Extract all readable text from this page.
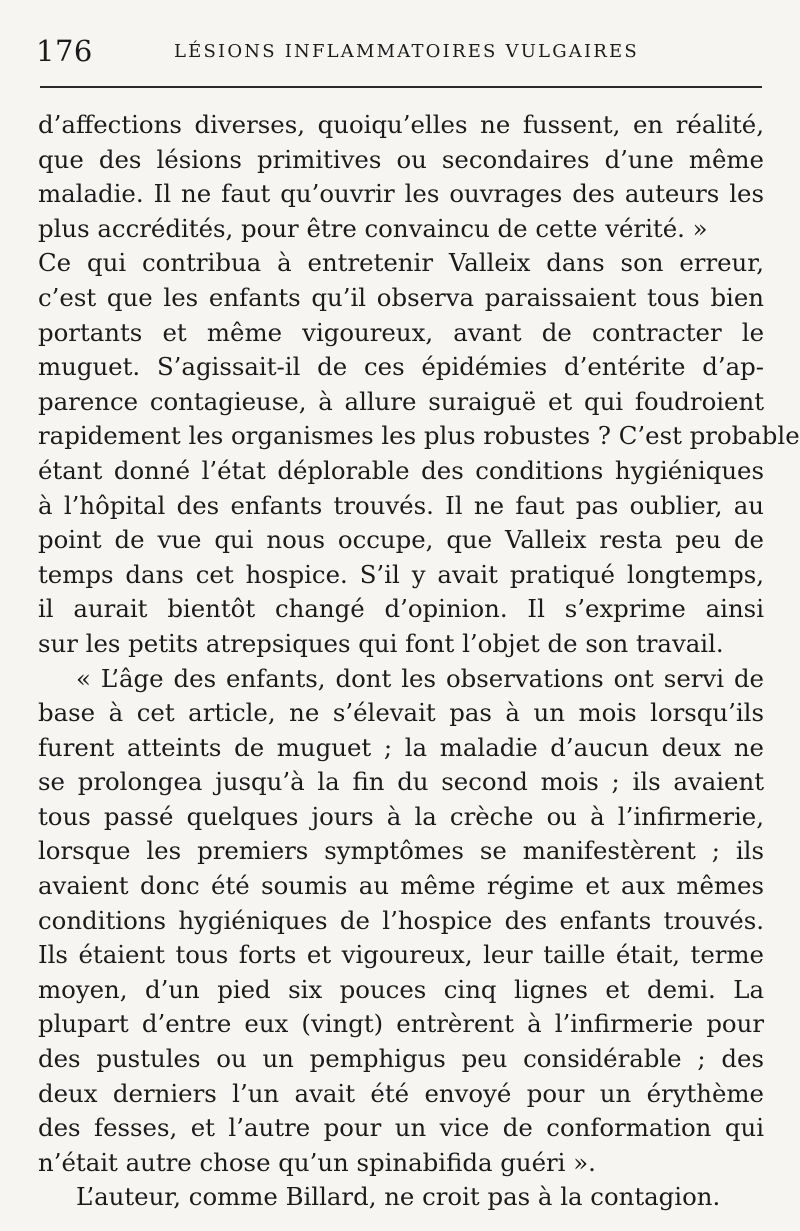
176	LÉSIONS INFLAMMATOIRES VULGAIRES
d’affections diverses, quoiqu’elles ne fussent, en réalité,
que des lésions primitives ou secondaires d’une même
maladie. Il ne faut qu’ouvrir les ouvrages des auteurs les
plus accrédités, pour être convaincu de cette vérité. »
Ce qui contribua à entretenir Valleix dans son erreur,
c’est que les enfants qu’il observa paraissaient tous bien
portants et même vigoureux, avant de contracter le
muguet. S’agissait-il de ces épidémies d’entérite d’ap-
parence contagieuse, à allure suraiguë et qui foudroient
rapidement les organismes les plus robustes ? C’est probable
étant donné l’état déplorable des conditions hygiéniques
à l’hôpital des enfants trouvés. Il ne faut pas oublier, au
point de vue qui nous occupe, que Valleix resta peu de
temps dans cet hospice. S’il y avait pratiqué longtemps,
il aurait bientôt changé d’opinion. Il s’exprime ainsi
sur les petits atrepsiques qui font l’objet de son travail.
« L’âge des enfants, dont les observations ont servi de
base à cet article, ne s’élevait pas à un mois lorsqu’ils
furent atteints de muguet ; la maladie d’aucun deux ne
se prolongea jusqu’à la fin du second mois ; ils avaient
tous passé quelques jours à la crèche ou à l’infirmerie,
lorsque les premiers symptômes se manifestèrent ; ils
avaient donc été soumis au même régime et aux mêmes
conditions hygiéniques de l’hospice des enfants trouvés.
Ils étaient tous forts et vigoureux, leur taille était, terme
moyen, d’un pied six pouces cinq lignes et demi. La
plupart d’entre eux (vingt) entrèrent à l’infirmerie pour
des pustules ou un pemphigus peu considérable ; des
deux derniers l’un avait été envoyé pour un érythème
des fesses, et l’autre pour un vice de conformation qui
n’était autre chose qu’un spinabifida guéri ».
L’auteur, comme Billard, ne croit pas à la contagion.
